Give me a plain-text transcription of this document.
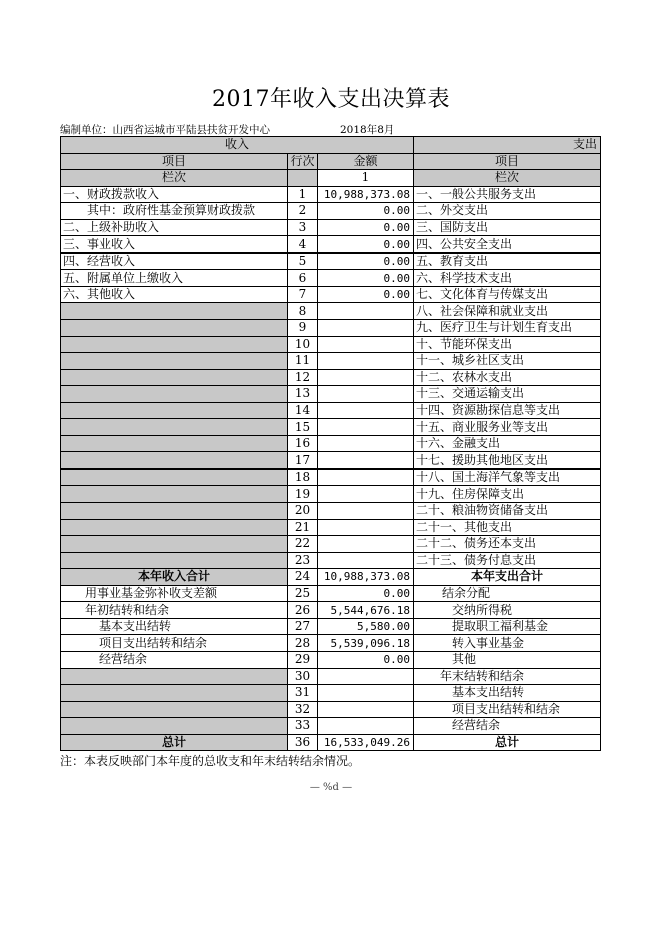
2017年收入支出决算表
编制单位：山西省运城市平陆县扶贫开发中心	2018年8月
收入			支出
项目	行次	金额	项目
栏次		1	栏次
一、财政拨款收入	1	10,988,373.08	一、一般公共服务支出
其中：政府性基金预算财政拨款	2	0.00	二、外交支出
二、上级补助收入	3	0.00	三、国防支出
三、事业收入	4	0.00	四、公共安全支出
四、经营收入	5	0.00	五、教育支出
五、附属单位上缴收入	6	0.00	六、科学技术支出
六、其他收入	7	0.00	七、文化体育与传媒支出
	8		八、社会保障和就业支出
	9		九、医疗卫生与计划生育支出
	10		十、节能环保支出
	11		十一、城乡社区支出
	12		十二、农林水支出
	13		十三、交通运输支出
	14		十四、资源勘探信息等支出
	15		十五、商业服务业等支出
	16		十六、金融支出
	17		十七、援助其他地区支出
	18		十八、国土海洋气象等支出
	19		十九、住房保障支出
	20		二十、粮油物资储备支出
	21		二十一、其他支出
	22		二十二、债务还本支出
	23		二十三、债务付息支出
本年收入合计	24	10,988,373.08	本年支出合计
用事业基金弥补收支差额	25	0.00	结余分配
年初结转和结余	26	5,544,676.18	交纳所得税
基本支出结转	27	5,580.00	提取职工福利基金
项目支出结转和结余	28	5,539,096.18	转入事业基金
经营结余	29	0.00	其他
	30		年末结转和结余
	31		基本支出结转
	32		项目支出结转和结余
	33		经营结余
总计	36	16,533,049.26	总计
注：本表反映部门本年度的总收支和年末结转结余情况。
— %d —
